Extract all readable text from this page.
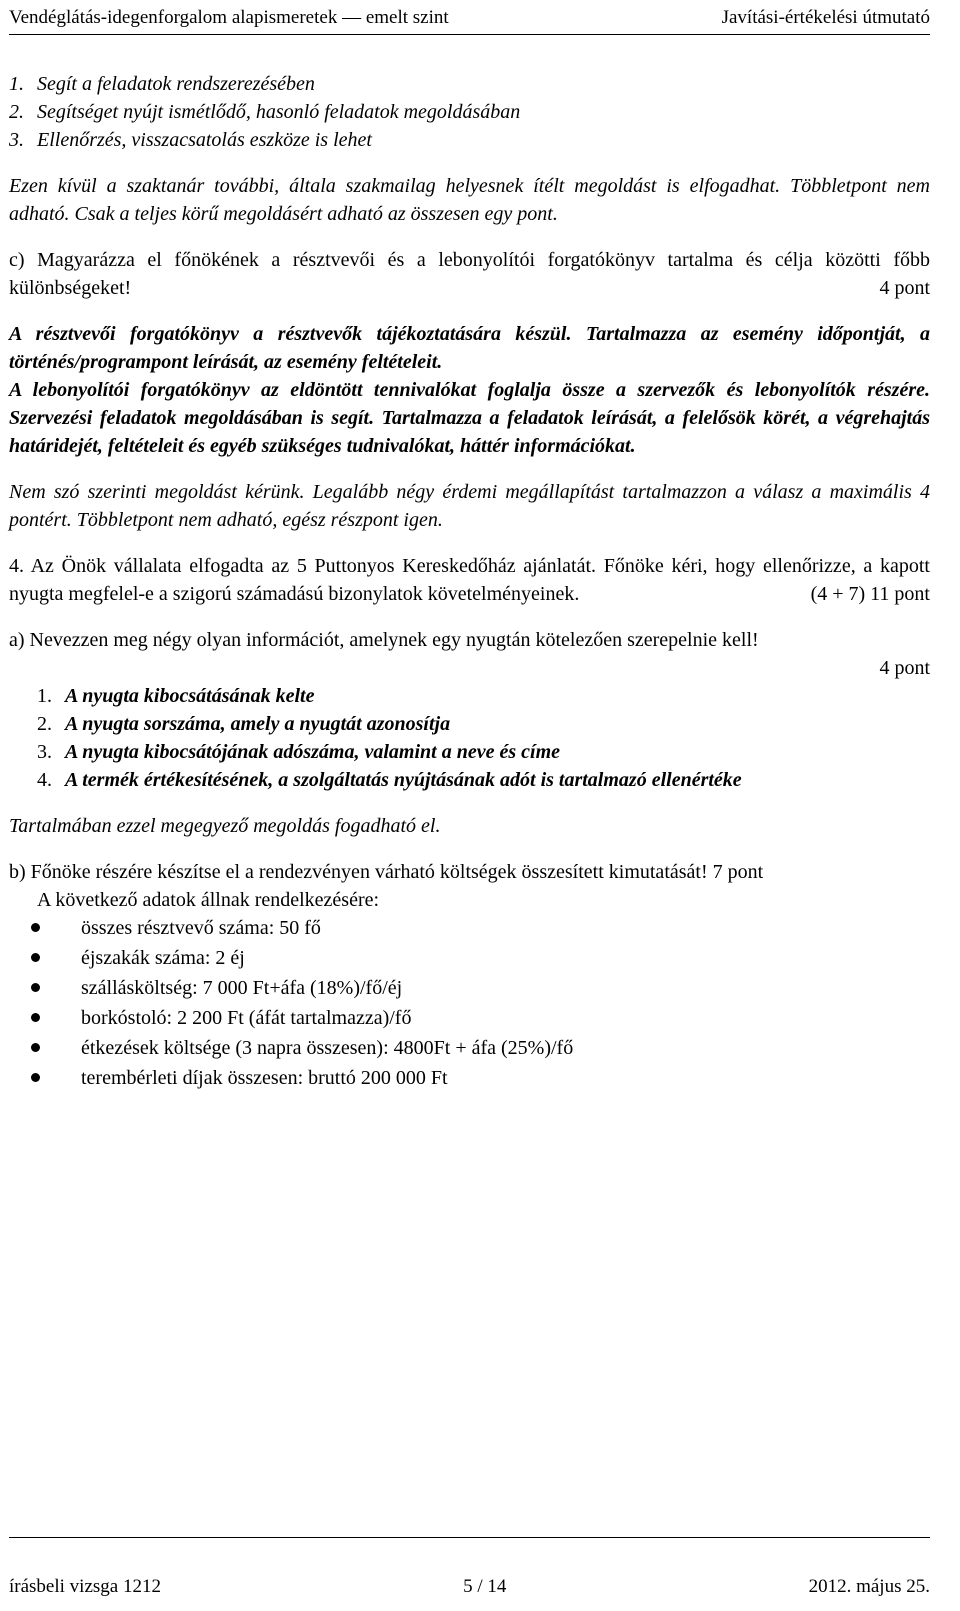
Vendéglátás-idegenforgalom alapismeretek — emelt szint	Javítási-értékelési útmutató
1. Segít a feladatok rendszerezésében
2. Segítséget nyújt ismétlődő, hasonló feladatok megoldásában
3. Ellenőrzés, visszacsatolás eszköze is lehet

Ezen kívül a szaktanár további, általa szakmailag helyesnek ítélt megoldást is elfogadhat. Többletpont nem adható. Csak a teljes körű megoldásért adható az összesen egy pont.

c) Magyarázza el főnökének a résztvevői és a lebonyolítói forgatókönyv tartalma és célja közötti főbb különbségeket!	4 pont

A résztvevői forgatókönyv a résztvevők tájékoztatására készül. Tartalmazza az esemény időpontját, a történés/programpont leírását, az esemény feltételeit.

A lebonyolítói forgatókönyv az eldöntött tennivalókat foglalja össze a szervezők és lebonyolítók részére. Szervezési feladatok megoldásában is segít. Tartalmazza a feladatok leírását, a felelősök körét, a végrehajtás határidejét, feltételeit és egyéb szükséges tudnivalókat, háttér információkat.

Nem szó szerinti megoldást kérünk. Legalább négy érdemi megállapítást tartalmazzon a válasz a maximális 4 pontért. Többletpont nem adható, egész részpont igen.

4. Az Önök vállalata elfogadta az 5 Puttonyos Kereskedőház ajánlatát. Főnöke kéri, hogy ellenőrizze, a kapott nyugta megfelel-e a szigorú számadású bizonylatok követelményeinek.	(4 + 7) 11 pont

a) Nevezzen meg négy olyan információt, amelynek egy nyugtán kötelezően szerepelnie kell!

4 pont

1. A nyugta kibocsátásának kelte
2. A nyugta sorszáma, amely a nyugtát azonosítja
3. A nyugta kibocsátójának adószáma, valamint a neve és címe
4. A termék értékesítésének, a szolgáltatás nyújtásának adót is tartalmazó ellenértéke

Tartalmában ezzel megegyező megoldás fogadható el.

b) Főnöke részére készítse el a rendezvényen várható költségek összesített kimutatását! 7 pont

A következő adatok állnak rendelkezésére:

összes résztvevő száma: 50 fő
éjszakák száma: 2 éj
szállásköltség: 7 000 Ft+áfa (18%)/fő/éj
borkóstoló: 2 200 Ft (áfát tartalmazza)/fő
étkezések költsége (3 napra összesen): 4800Ft + áfa (25%)/fő
terembérleti díjak összesen: bruttó 200 000 Ft
írásbeli vizsga 1212	5 / 14	2012. május 25.
